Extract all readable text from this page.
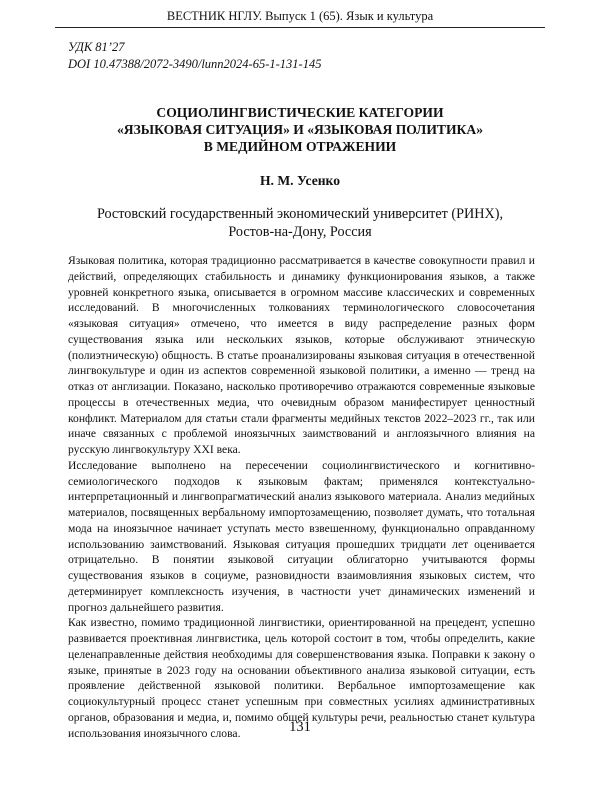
ВЕСТНИК НГЛУ. Выпуск 1 (65). Язык и культура
УДК 81’27
DOI 10.47388/2072-3490/lunn2024-65-1-131-145
СОЦИОЛИНГВИСТИЧЕСКИЕ КАТЕГОРИИ
«ЯЗЫКОВАЯ СИТУАЦИЯ» И «ЯЗЫКОВАЯ ПОЛИТИКА»
В МЕДИЙНОМ ОТРАЖЕНИИ
Н. М. Усенко
Ростовский государственный экономический университет (РИНХ),
Ростов-на-Дону, Россия

Языковая политика, которая традиционно рассматривается в качестве совокупности правил и действий, определяющих стабильность и динамику функционирования языков, а также уровней конкретного языка, описывается в огромном массиве классических и современных исследований. В многочисленных толкованиях терминологического словосочетания «языковая ситуация» отмечено, что имеется в виду распределение разных форм существования языка или нескольких языков, которые обслуживают этническую (полиэтническую) общность. В статье проанализированы языковая ситуация в отечественной лингвокультуре и один из аспектов современной языковой политики, а именно — тренд на отказ от англизации. Показано, насколько противоречиво отражаются современные языковые процессы в отечественных медиа, что очевидным образом манифестирует ценностный конфликт. Материалом для статьи стали фрагменты медийных текстов 2022–2023 гг., так или иначе связанных с проблемой иноязычных заимствований и англоязычного влияния на русскую лингвокультуру XXI века.

Исследование выполнено на пересечении социолингвистического и когнитивно-семиологического подходов к языковым фактам; применялся контекстуально-интерпретационный и лингвопрагматический анализ языкового материала. Анализ медийных материалов, посвященных вербальному импортозамещению, позволяет думать, что тотальная мода на иноязычное начинает уступать место взвешенному, функционально оправданному использованию заимствований. Языковая ситуация прошедших тридцати лет оценивается отрицательно. В понятии языковой ситуации облигаторно учитываются формы существования языков в социуме, разновидности взаимовлияния языковых систем, что детерминирует комплексность изучения, в частности учет динамических изменений и прогноз дальнейшего развития.

Как известно, помимо традиционной лингвистики, ориентированной на прецедент, успешно развивается проективная лингвистика, цель которой состоит в том, чтобы определить, какие целенаправленные действия необходимы для совершенствования языка. Поправки к закону о языке, принятые в 2023 году на основании объективного анализа языковой ситуации, есть проявление действенной языковой политики. Вербальное импортозамещение как социокультурный процесс станет успешным при совместных усилиях административных органов, образования и медиа, и, помимо общей культуры речи, реальностью станет культура использования иноязычного слова.	131
